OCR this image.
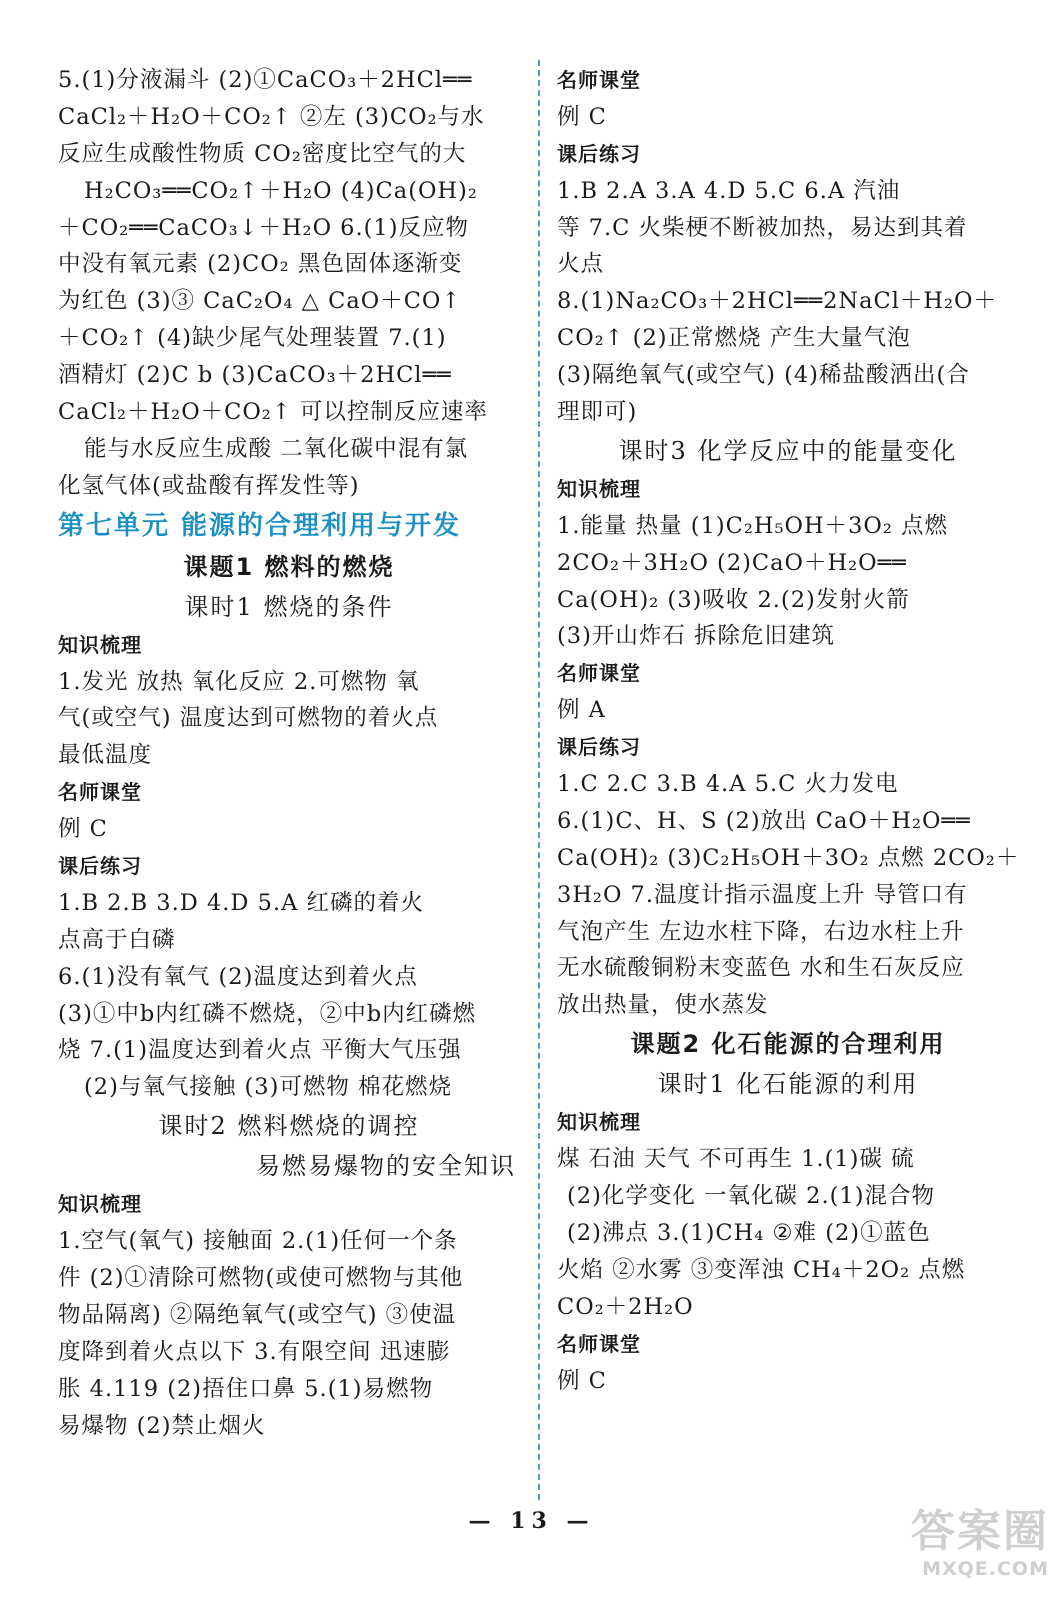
5.(1)分液漏斗 (2)①CaCO₃＋2HCl══
CaCl₂＋H₂O＋CO₂↑ ②左 (3)CO₂与水
反应生成酸性物质 CO₂密度比空气的大
H₂CO₃══CO₂↑＋H₂O (4)Ca(OH)₂
＋CO₂══CaCO₃↓＋H₂O 6.(1)反应物
中没有氧元素 (2)CO₂ 黑色固体逐渐变
为红色 (3)③ CaC₂O₄ △ CaO＋CO↑
＋CO₂↑ (4)缺少尾气处理装置 7.(1)
酒精灯 (2)C b (3)CaCO₃＋2HCl══
CaCl₂＋H₂O＋CO₂↑ 可以控制反应速率
能与水反应生成酸 二氧化碳中混有氯
化氢气体(或盐酸有挥发性等)
第七单元 能源的合理利用与开发
课题1 燃料的燃烧
课时1 燃烧的条件
知识梳理
1.发光 放热 氧化反应 2.可燃物 氧
气(或空气) 温度达到可燃物的着火点
最低温度
名师课堂
例 C
课后练习
1.B 2.B 3.D 4.D 5.A 红磷的着火
点高于白磷
6.(1)没有氧气 (2)温度达到着火点
(3)①中b内红磷不燃烧，②中b内红磷燃
烧 7.(1)温度达到着火点 平衡大气压强
(2)与氧气接触 (3)可燃物 棉花燃烧
课时2 燃料燃烧的调控
易燃易爆物的安全知识
知识梳理
1.空气(氧气) 接触面 2.(1)任何一个条
件 (2)①清除可燃物(或使可燃物与其他
物品隔离) ②隔绝氧气(或空气) ③使温
度降到着火点以下 3.有限空间 迅速膨
胀 4.119 (2)捂住口鼻 5.(1)易燃物
易爆物 (2)禁止烟火
名师课堂
例 C
课后练习
1.B 2.A 3.A 4.D 5.C 6.A 汽油
等 7.C 火柴梗不断被加热，易达到其着
火点
8.(1)Na₂CO₃＋2HCl══2NaCl＋H₂O＋
CO₂↑ (2)正常燃烧 产生大量气泡
(3)隔绝氧气(或空气) (4)稀盐酸洒出(合
理即可)
课时3 化学反应中的能量变化
知识梳理
1.能量 热量 (1)C₂H₅OH＋3O₂ 点燃
2CO₂＋3H₂O (2)CaO＋H₂O══
Ca(OH)₂ (3)吸收 2.(2)发射火箭
(3)开山炸石 拆除危旧建筑
名师课堂
例 A
课后练习
1.C 2.C 3.B 4.A 5.C 火力发电
6.(1)C、H、S (2)放出 CaO＋H₂O══
Ca(OH)₂ (3)C₂H₅OH＋3O₂ 点燃 2CO₂＋
3H₂O 7.温度计指示温度上升 导管口有
气泡产生 左边水柱下降，右边水柱上升
无水硫酸铜粉末变蓝色 水和生石灰反应
放出热量，使水蒸发
课题2 化石能源的合理利用
课时1 化石能源的利用
知识梳理
煤 石油 天气 不可再生 1.(1)碳 硫
(2)化学变化 一氧化碳 2.(1)混合物
(2)沸点 3.(1)CH₄ ②难 (2)①蓝色
火焰 ②水雾 ③变浑浊 CH₄＋2O₂ 点燃
CO₂＋2H₂O
名师课堂
例 C
— 13 —	答案圈
MXQE.COM
